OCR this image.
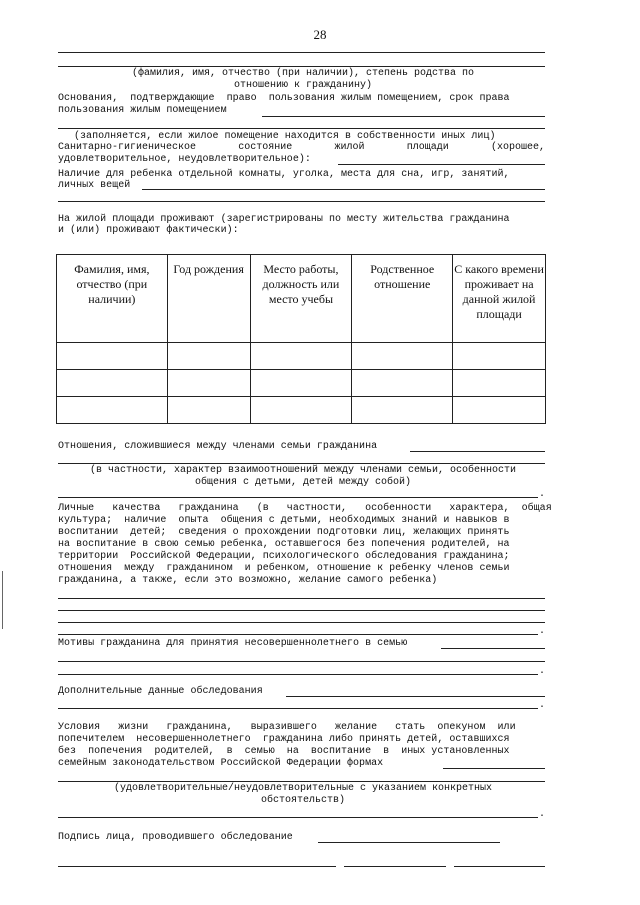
28
(фамилия, имя, отчество (при наличии), степень родства по отношению к гражданину)
Основания,  подтверждающие  право  пользования жилым помещением, срок права
пользования жилым помещением
(заполняется, если жилое помещение находится в собственности иных лиц)
Санитарно-гигиеническое состояние жилой площади (хорошее,
удовлетворительное, неудовлетворительное):
Наличие для ребенка отдельной комнаты, уголка, места для сна, игр, занятий,
личных вещей
На жилой площади проживают (зарегистрированы по месту жительства гражданина
и (или) проживают фактически):
Фамилия, имя, отчество (при наличии)	Год рождения	Место работы, должность или место учебы	Родственное отношение	С какого времени проживает на данной жилой площади

Отношения, сложившиеся между членами семьи гражданина
(в частности, характер взаимоотношений между членами семьи, особенности общения с детьми, детей между собой)
.
Личные   качества   гражданина   (в   частности,   особенности   характера,  общая
культура;  наличие  опыта  общения с детьми, необходимых знаний и навыков в
воспитании  детей;  сведения о прохождении подготовки лиц, желающих принять
на воспитание в свою семью ребенка, оставшегося без попечения родителей, на
территории  Российской Федерации, психологического обследования гражданина;
отношения  между  гражданином  и ребенком, отношение к ребенку членов семьи
гражданина, а также, если это возможно, желание самого ребенка)
.
Мотивы гражданина для принятия несовершеннолетнего в семью
.
Дополнительные данные обследования
.
Условия   жизни   гражданина,   выразившего   желание   стать  опекуном  или
попечителем  несовершеннолетнего  гражданина либо принять детей, оставшихся
без  попечения  родителей,  в  семью  на  воспитание  в  иных установленных
семейным законодательством Российской Федерации формах
(удовлетворительные/неудовлетворительные с указанием конкретных обстоятельств)
.
Подпись лица, проводившего обследование
